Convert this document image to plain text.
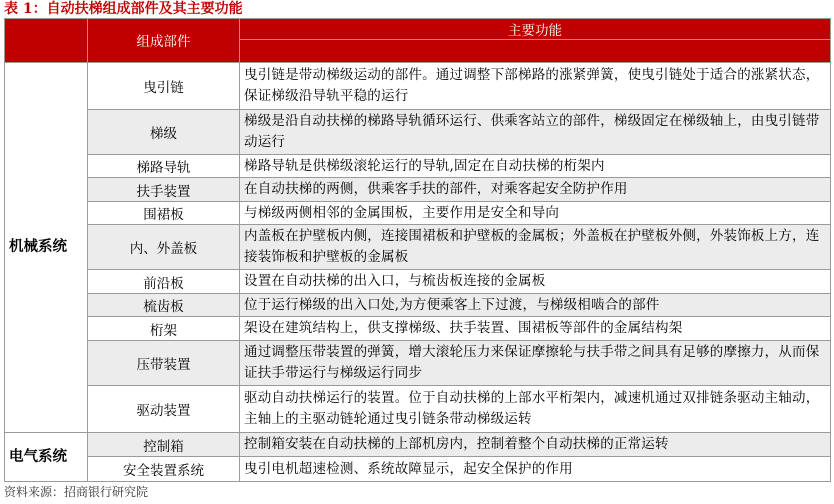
表 1：自动扶梯组成部件及其主要功能
	组成部件	主要功能

机械系统	曳引链	曳引链是带动梯级运动的部件。通过调整下部梯路的涨紧弹簧，使曳引链处于适合的涨紧状态，保证梯级沿导轨平稳的运行
	梯级	梯级是沿自动扶梯的梯路导轨循环运行、供乘客站立的部件，梯级固定在梯级轴上，由曳引链带动运行
	梯路导轨	梯路导轨是供梯级滚轮运行的导轨,固定在自动扶梯的桁架内
	扶手装置	在自动扶梯的两侧，供乘客手扶的部件，对乘客起安全防护作用
	围裙板	与梯级两侧相邻的金属围板，主要作用是安全和导向
	内、外盖板	内盖板在护壁板内侧，连接围裙板和护壁板的金属板；外盖板在护壁板外侧，外装饰板上方，连接装饰板和护壁板的金属板
	前沿板	设置在自动扶梯的出入口，与梳齿板连接的金属板
	梳齿板	位于运行梯级的出入口处,为方便乘客上下过渡，与梯级相啮合的部件
	桁架	架设在建筑结构上，供支撑梯级、扶手装置、围裙板等部件的金属结构架
	压带装置	通过调整压带装置的弹簧，增大滚轮压力来保证摩擦轮与扶手带之间具有足够的摩擦力，从而保证扶手带运行与梯级运行同步
	驱动装置	驱动自动扶梯运行的装置。位于自动扶梯的上部水平桁架内，减速机通过双排链条驱动主轴动，主轴上的主驱动链轮通过曳引链条带动梯级运转
电气系统	控制箱	控制箱安装在自动扶梯的上部机房内，控制着整个自动扶梯的正常运转
	安全装置系统	曳引电机超速检测、系统故障显示，起安全保护的作用
资料来源：招商银行研究院
